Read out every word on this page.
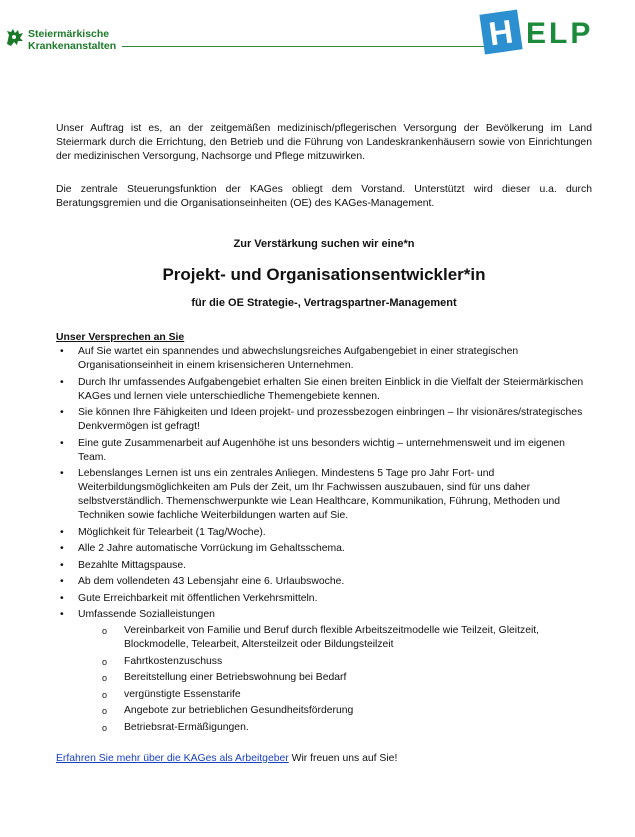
Steiermärkische
Krankenanstalten	H ELP

Unser Auftrag ist es, an der zeitgemäßen medizinisch/pflegerischen Versorgung der Bevölkerung im Land Steiermark durch die Errichtung, den Betrieb und die Führung von Landeskrankenhäusern sowie von Einrichtungen der medizinischen Versorgung, Nachsorge und Pflege mitzuwirken.

Die zentrale Steuerungsfunktion der KAGes obliegt dem Vorstand. Unterstützt wird dieser u.a. durch Beratungsgremien und die Organisationseinheiten (OE) des KAGes-Management.

Zur Verstärkung suchen wir eine*n
Projekt- und Organisationsentwickler*in
für die OE Strategie-, Vertragspartner-Management
Unser Versprechen an Sie
• Auf Sie wartet ein spannendes und abwechslungsreiches Aufgabengebiet in einer strategischen Organisationseinheit in einem krisensicheren Unternehmen.
• Durch Ihr umfassendes Aufgabengebiet erhalten Sie einen breiten Einblick in die Vielfalt der Steiermärkischen KAGes und lernen viele unterschiedliche Themengebiete kennen.
• Sie können Ihre Fähigkeiten und Ideen projekt- und prozessbezogen einbringen – Ihr visionäres/strategisches Denkvermögen ist gefragt!
• Eine gute Zusammenarbeit auf Augenhöhe ist uns besonders wichtig – unternehmensweit und im eigenen Team.
• Lebenslanges Lernen ist uns ein zentrales Anliegen. Mindestens 5 Tage pro Jahr Fort- und Weiterbildungsmöglichkeiten am Puls der Zeit, um Ihr Fachwissen auszubauen, sind für uns daher selbstverständlich. Themenschwerpunkte wie Lean Healthcare, Kommunikation, Führung, Methoden und Techniken sowie fachliche Weiterbildungen warten auf Sie.
• Möglichkeit für Telearbeit (1 Tag/Woche).
• Alle 2 Jahre automatische Vorrückung im Gehaltsschema.
• Bezahlte Mittagspause.
• Ab dem vollendeten 43 Lebensjahr eine 6. Urlaubswoche.
• Gute Erreichbarkeit mit öffentlichen Verkehrsmitteln.
• Umfassende Sozialleistungen
o Vereinbarkeit von Familie und Beruf durch flexible Arbeitszeitmodelle wie Teilzeit, Gleitzeit, Blockmodelle, Telearbeit, Altersteilzeit oder Bildungsteilzeit
o Fahrtkostenzuschuss
o Bereitstellung einer Betriebswohnung bei Bedarf
o vergünstigte Essenstarife
o Angebote zur betrieblichen Gesundheitsförderung
o Betriebsrat-Ermäßigungen.
Erfahren Sie mehr über die KAGes als Arbeitgeber Wir freuen uns auf Sie!
